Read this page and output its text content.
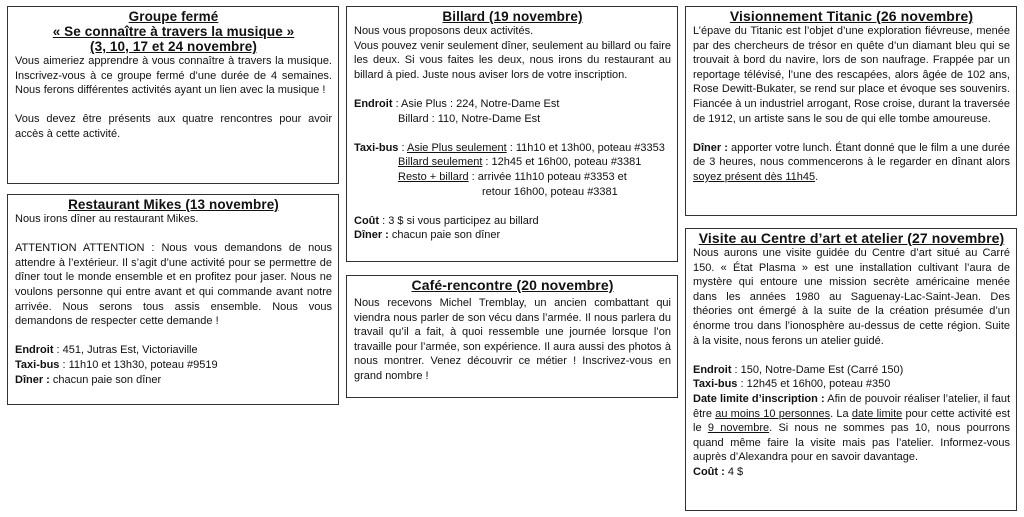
Groupe fermé
« Se connaître à travers la musique »
(3, 10, 17 et 24 novembre)
Vous aimeriez apprendre à vous connaître à travers la musique. Inscrivez-vous à ce groupe fermé d’une durée de 4 semaines. Nous ferons différentes activités ayant un lien avec la musique !
Vous devez être présents aux quatre rencontres pour avoir accès à cette activité.
Restaurant Mikes (13 novembre)
Nous irons dîner au restaurant Mikes.
ATTENTION ATTENTION : Nous vous demandons de nous attendre à l’extérieur. Il s’agit d’une activité pour se permettre de dîner tout le monde ensemble et en profitez pour jaser. Nous ne voulons personne qui entre avant et qui commande avant notre arrivée. Nous serons tous assis ensemble. Nous vous demandons de respecter cette demande !
Endroit : 451, Jutras Est, Victoriaville
Taxi-bus : 11h10 et 13h30, poteau #9519
Dîner : chacun paie son dîner
Billard (19 novembre)
Nous vous proposons deux activités.
Vous pouvez venir seulement dîner, seulement au billard ou faire les deux. Si vous faites les deux, nous irons du restaurant au billard à pied. Juste nous aviser lors de votre inscription.
Endroit : Asie Plus : 224, Notre-Dame Est
Billard : 110, Notre-Dame Est
Taxi-bus : Asie Plus seulement : 11h10 et 13h00, poteau #3353
Billard seulement : 12h45 et 16h00, poteau #3381
Resto + billard : arrivée 11h10 poteau #3353 et
retour 16h00, poteau #3381
Coût : 3 $ si vous participez au billard
Dîner : chacun paie son dîner
Café-rencontre (20 novembre)
Nous recevons Michel Tremblay, un ancien combattant qui viendra nous parler de son vécu dans l’armée. Il nous parlera du travail qu’il a fait, à quoi ressemble une journée lorsque l’on travaille pour l’armée, son expérience. Il aura aussi des photos à nous montrer. Venez découvrir ce métier ! Inscrivez-vous en grand nombre !
Visionnement Titanic (26 novembre)
L’épave du Titanic est l’objet d’une exploration fiévreuse, menée par des chercheurs de trésor en quête d’un diamant bleu qui se trouvait à bord du navire, lors de son naufrage. Frappée par un reportage télévisé, l’une des rescapées, alors âgée de 102 ans, Rose Dewitt-Bukater, se rend sur place et évoque ses souvenirs. Fiancée à un industriel arrogant, Rose croise, durant la traversée de 1912, un artiste sans le sou de qui elle tombe amoureuse.
Dîner : apporter votre lunch. Étant donné que le film a une durée de 3 heures, nous commencerons à le regarder en dînant alors soyez présent dès 11h45.
Visite au Centre d’art et atelier (27 novembre)
Nous aurons une visite guidée du Centre d’art situé au Carré 150. « État Plasma » est une installation cultivant l’aura de mystère qui entoure une mission secrète américaine menée dans les années 1980 au Saguenay-Lac-Saint-Jean. Des théories ont émergé à la suite de la création présumée d’un énorme trou dans l’ionosphère au-dessus de cette région. Suite à la visite, nous ferons un atelier guidé.
Endroit : 150, Notre-Dame Est (Carré 150)
Taxi-bus : 12h45 et 16h00, poteau #350
Date limite d’inscription : Afin de pouvoir réaliser l’atelier, il faut être au moins 10 personnes. La date limite pour cette activité est le 9 novembre. Si nous ne sommes pas 10, nous pourrons quand même faire la visite mais pas l’atelier. Informez-vous auprès d’Alexandra pour en savoir davantage.
Coût : 4 $
